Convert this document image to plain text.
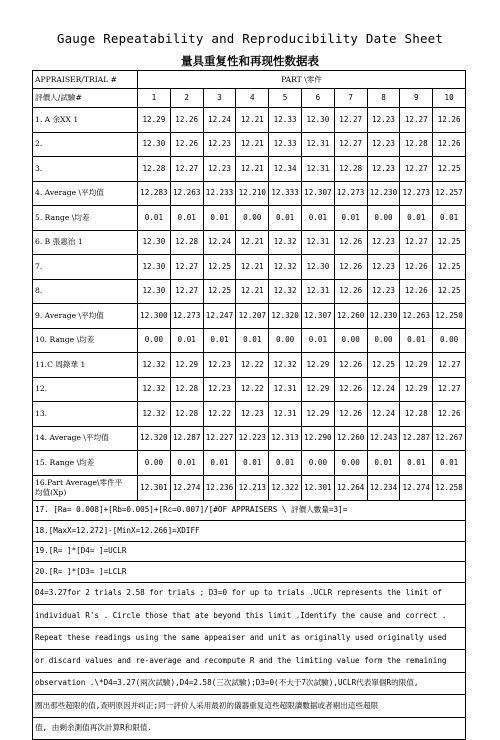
Gauge Repeatability and Reproducibility Date Sheet
量具重复性和再现性数据表
APPRAISER/TRIAL #	PART \零件									
評價人/試驗#	1	2	3	4	5	6	7	8	9	10
1. A 余XX 1	12.29	12.26	12.24	12.21	12.33	12.30	12.27	12.23	12.27	12.26
2.	12.30	12.26	12.23	12.21	12.33	12.31	12.27	12.23	12.28	12.26
3.	12.28	12.27	12.23	12.21	12.34	12.31	12.28	12.23	12.27	12.25
4. Average \平均值	12.283	12.263	12.233	12.210	12.333	12.307	12.273	12.230	12.273	12.257
5. Range \均差	0.01	0.01	0.01	0.00	0.01	0.01	0.01	0.00	0.01	0.01
6. B 張惠治 1	12.30	12.28	12.24	12.21	12.32	12.31	12.26	12.23	12.27	12.25
7.	12.30	12.27	12.25	12.21	12.32	12.30	12.26	12.23	12.26	12.25
8.	12.30	12.27	12.25	12.21	12.32	12.31	12.26	12.23	12.26	12.25
9. Average \平均值	12.300	12.273	12.247	12.207	12.320	12.307	12.260	12.230	12.263	12.250
10. Range \均差	0.00	0.01	0.01	0.01	0.00	0.01	0.00	0.00	0.01	0.00
11.C 周錄華 1	12.32	12.29	12.23	12.22	12.32	12.29	12.26	12.25	12.29	12.27
12.	12.32	12.28	12.23	12.22	12.31	12.29	12.26	12.24	12.29	12.27
13.	12.32	12.28	12.22	12.23	12.31	12.29	12.26	12.24	12.28	12.26
14. Average \平均值	12.320	12.287	12.227	12.223	12.313	12.290	12.260	12.243	12.287	12.267
15. Range \均差	0.00	0.01	0.01	0.01	0.01	0.00	0.00	0.01	0.01	0.01

16.Part Average\零件平
均值(Xp)	12.301	12.274	12.236	12.213	12.322	12.301	12.264	12.234	12.274	12.258
17. [Ra= 0.008]+[Rb=0.005]+[Rc=0.007]/[#OF APPRAISERS \ 評價人數量=3]=										
18.[MaxX=12.272]-[MinX=12.266]=XDIFF										
19.[R= ]*[D4= ]=UCLR										
20.[R= ]*[D3= ]=LCLR										
D4=3.27for 2 trials 2.58 for trials ; D3=0 for up to trials .UCLR represents the limit of										
individual R's . Circle those that ate beyond this limit .Identify the cause and correct .										
Repeat these readings using the same appeaiser and unit as originally used originally used										
or discard values and re-average and recompute R and the limiting value form the remaining										
observation .\*D4=3.27(兩次試驗),D4=2.58(三次試驗);D3=0(不大于7次試驗),UCLR代表單個R的限值,										
圈出那些超限的值,查明原因并纠正;同一評价人采用最初的儀器重复這些超限讀數据或者剔出這些超限										
值, 由剩余測值再次計算R和限值.										
